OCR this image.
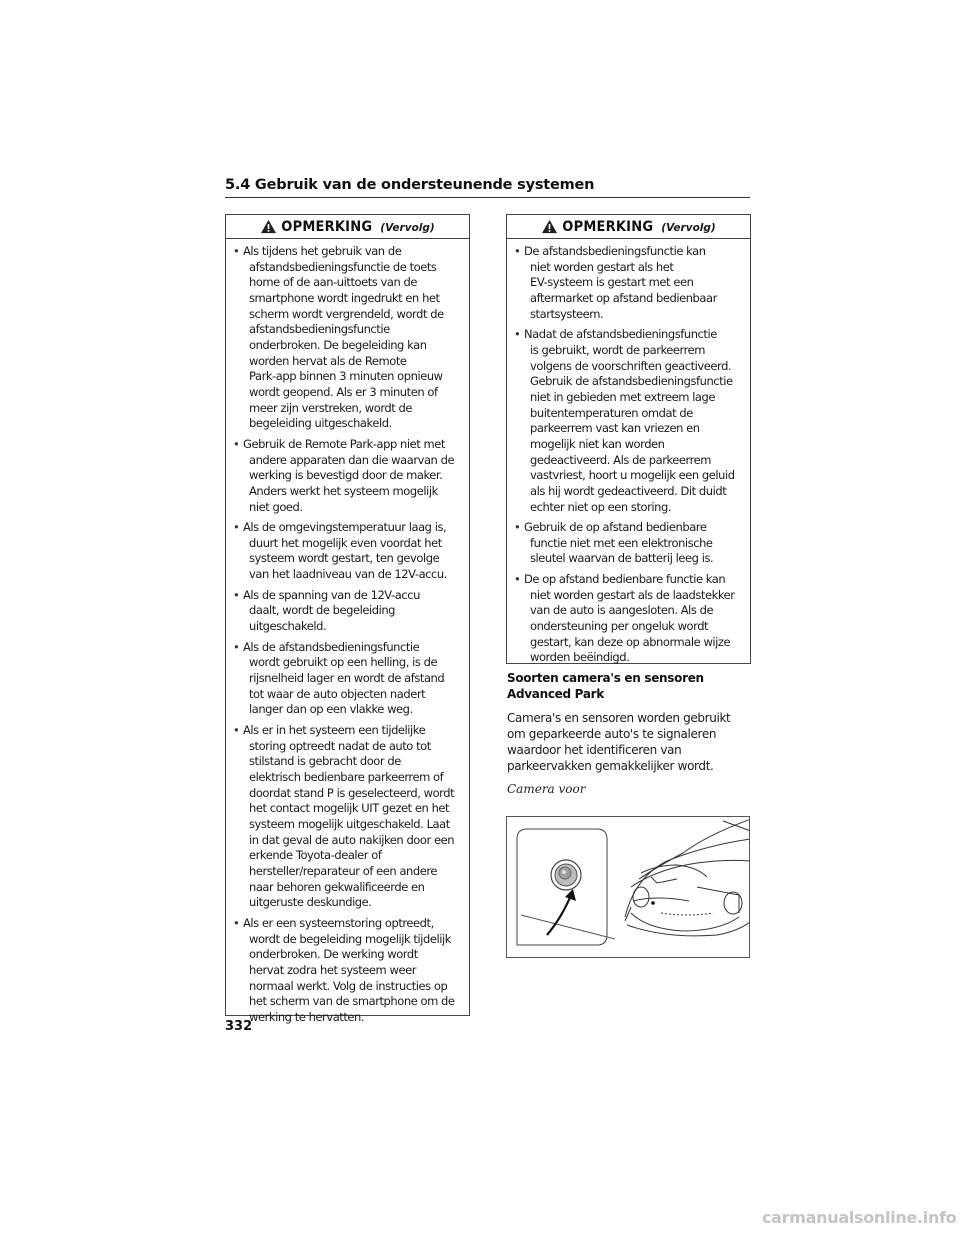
5.4 Gebruik van de ondersteunende systemen
OPMERKING (Vervolg)
• Als tijdens het gebruik van de
afstandsbedieningsfunctie de toets
home of de aan-uittoets van de
smartphone wordt ingedrukt en het
scherm wordt vergrendeld, wordt de
afstandsbedieningsfunctie
onderbroken. De begeleiding kan
worden hervat als de Remote
Park-app binnen 3 minuten opnieuw
wordt geopend. Als er 3 minuten of
meer zijn verstreken, wordt de
begeleiding uitgeschakeld.
• Gebruik de Remote Park-app niet met
andere apparaten dan die waarvan de
werking is bevestigd door de maker.
Anders werkt het systeem mogelijk
niet goed.
• Als de omgevingstemperatuur laag is,
duurt het mogelijk even voordat het
systeem wordt gestart, ten gevolge
van het laadniveau van de 12V-accu.
• Als de spanning van de 12V-accu
daalt, wordt de begeleiding
uitgeschakeld.
• Als de afstandsbedieningsfunctie
wordt gebruikt op een helling, is de
rijsnelheid lager en wordt de afstand
tot waar de auto objecten nadert
langer dan op een vlakke weg.
• Als er in het systeem een tijdelijke
storing optreedt nadat de auto tot
stilstand is gebracht door de
elektrisch bedienbare parkeerrem of
doordat stand P is geselecteerd, wordt
het contact mogelijk UIT gezet en het
systeem mogelijk uitgeschakeld. Laat
in dat geval de auto nakijken door een
erkende Toyota-dealer of
hersteller/reparateur of een andere
naar behoren gekwalificeerde en
uitgeruste deskundige.
• Als er een systeemstoring optreedt,
wordt de begeleiding mogelijk tijdelijk
onderbroken. De werking wordt
hervat zodra het systeem weer
normaal werkt. Volg de instructies op
het scherm van de smartphone om de
werking te hervatten.
OPMERKING (Vervolg)
• De afstandsbedieningsfunctie kan
niet worden gestart als het
EV-systeem is gestart met een
aftermarket op afstand bedienbaar
startsysteem.
• Nadat de afstandsbedieningsfunctie
is gebruikt, wordt de parkeerrem
volgens de voorschriften geactiveerd.
Gebruik de afstandsbedieningsfunctie
niet in gebieden met extreem lage
buitentemperaturen omdat de
parkeerrem vast kan vriezen en
mogelijk niet kan worden
gedeactiveerd. Als de parkeerrem
vastvriest, hoort u mogelijk een geluid
als hij wordt gedeactiveerd. Dit duidt
echter niet op een storing.
• Gebruik de op afstand bedienbare
functie niet met een elektronische
sleutel waarvan de batterij leeg is.
• De op afstand bedienbare functie kan
niet worden gestart als de laadstekker
van de auto is aangesloten. Als de
ondersteuning per ongeluk wordt
gestart, kan deze op abnormale wijze
worden beëindigd.
Soorten camera's en sensoren
Advanced Park
Camera's en sensoren worden gebruikt
om geparkeerde auto's te signaleren
waardoor het identificeren van
parkeervakken gemakkelijker wordt.
Camera voor
332
carmanualsonline.info
